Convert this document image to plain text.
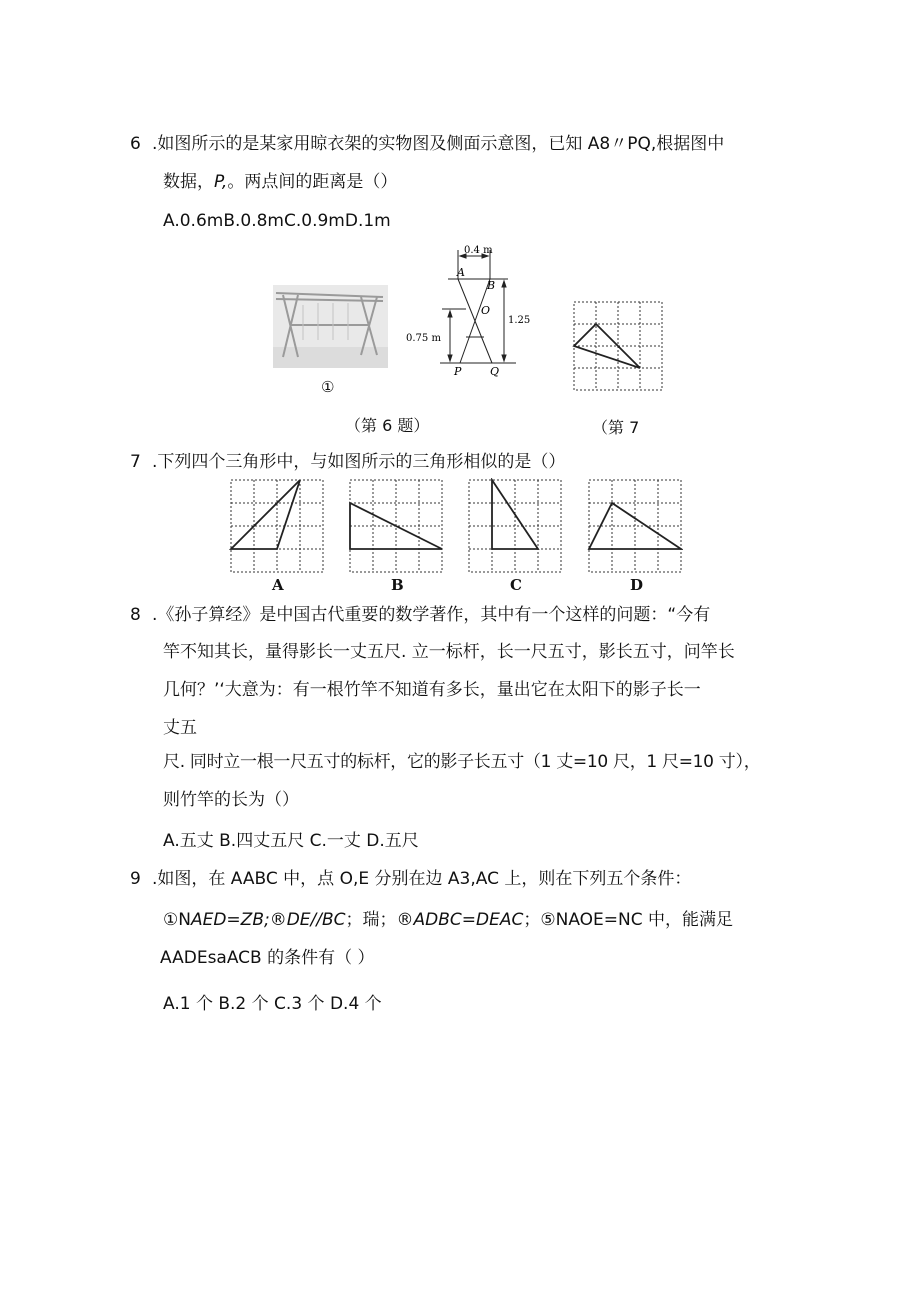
6 .如图所示的是某家用晾衣架的实物图及侧面示意图，已知 A8〃PQ,根据图中
数据，P,。两点间的距离是（）
A.0.6mB.0.8mC.0.9mD.1m
①
0.4 m
A
B
O
0.75 m
1.25
P	Q
（第 6 题）	（第 7
7 .下列四个三角形中，与如图所示的三角形相似的是（）
A	B	C	D
8 .《孙子算经》是中国古代重要的数学著作，其中有一个这样的问题：“今有
竿不知其长，量得影长一丈五尺. 立一标杆，长一尺五寸，影长五寸，问竿长
几何？’‘大意为：有一根竹竿不知道有多长，量出它在太阳下的影子长一
丈五
尺. 同时立一根一尺五寸的标杆，它的影子长五寸（1 丈=10 尺，1 尺=10 寸），
则竹竿的长为（）
A.五丈 B.四丈五尺 C.一丈 D.五尺
9 .如图，在 AABC 中，点 O,E 分别在边 A3,AC 上，则在下列五个条件：
①NAED=ZB;®DE//BC；瑞；®ADBC=DEAC；⑤NAOE=NC 中，能满足
AADEsaACB 的条件有（ ）
A.1 个 B.2 个 C.3 个 D.4 个
